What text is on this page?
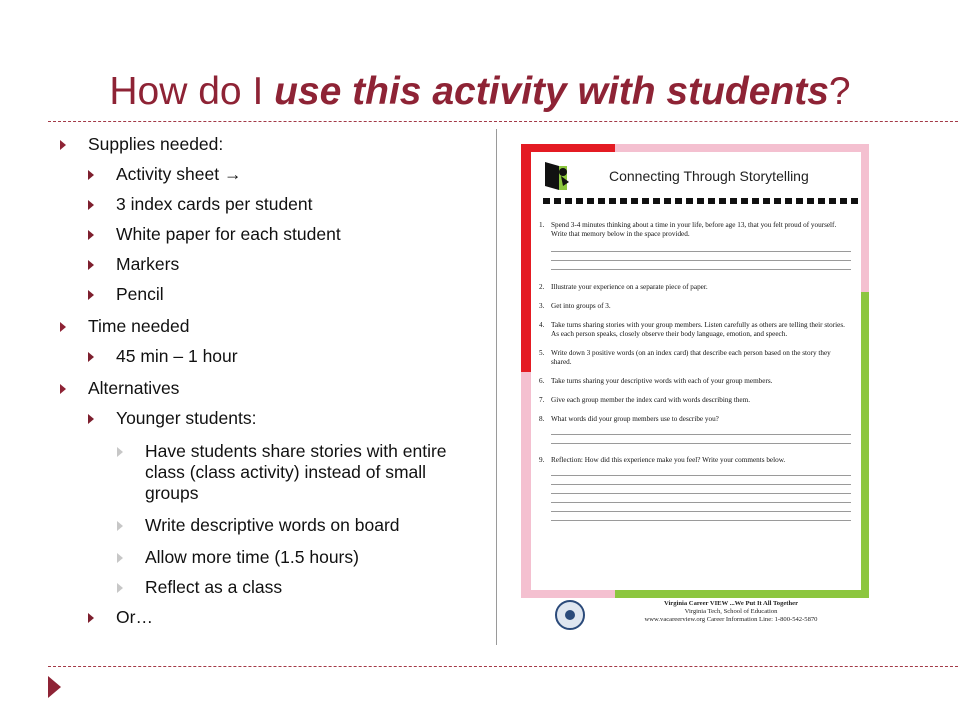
How do I use this activity with students?
Supplies needed:
Activity sheet →
3 index cards per student
White paper for each student
Markers
Pencil
Time needed
45 min – 1 hour
Alternatives
Younger students:
Have students share stories with entire class (class activity) instead of small groups
Write descriptive words on board
Allow more time (1.5 hours)
Reflect as a class
Or…
Connecting Through Storytelling
1. Spend 3-4 minutes thinking about a time in your life, before age 13, that you felt proud of yourself. Write that memory below in the space provided.
2. Illustrate your experience on a separate piece of paper.
3. Get into groups of 3.
4. Take turns sharing stories with your group members. Listen carefully as others are telling their stories. As each person speaks, closely observe their body language, emotion, and speech.
5. Write down 3 positive words (on an index card) that describe each person based on the story they shared.
6. Take turns sharing your descriptive words with each of your group members.
7. Give each group member the index card with words describing them.
8. What words did your group members use to describe you?
9. Reflection: How did this experience make you feel? Write your comments below.
Virginia Career VIEW ...We Put It All Together
Virginia Tech, School of Education
www.vacareerview.org Career Information Line: 1-800-542-5870
